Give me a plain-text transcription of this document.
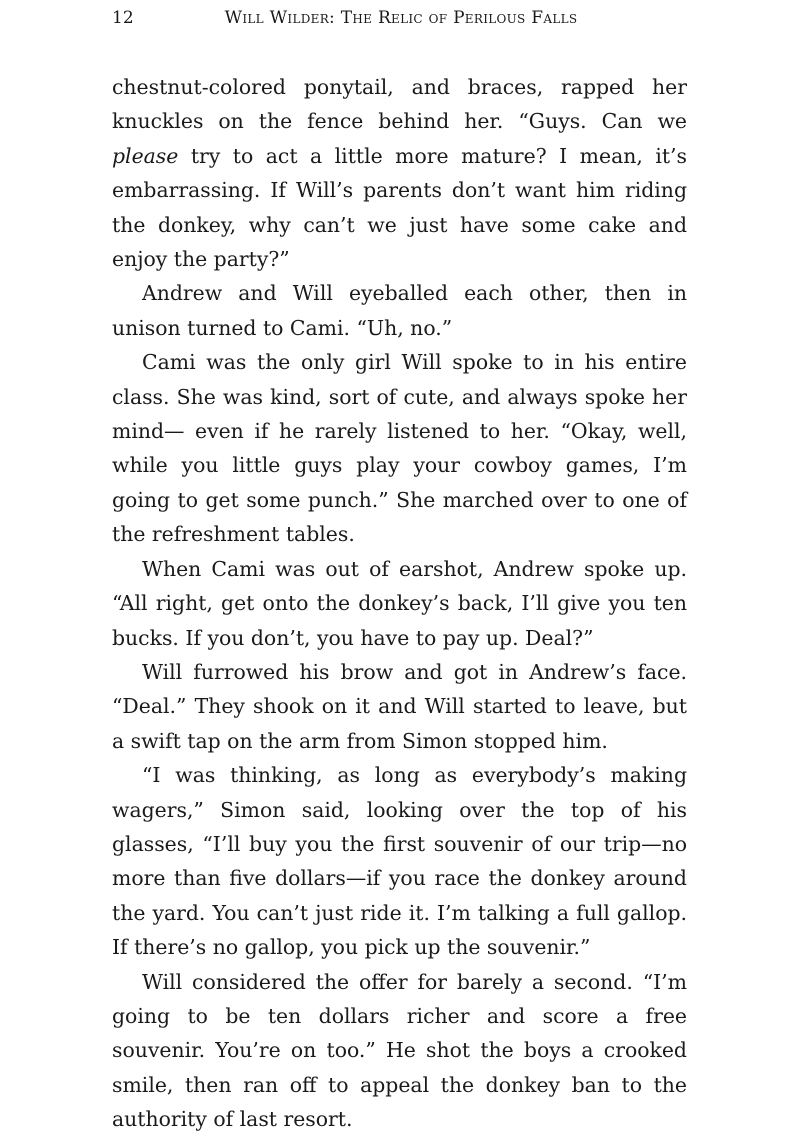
12	Will Wilder: The Relic of Perilous Falls

chestnut-colored ponytail, and braces, rapped her knuckles on the fence behind her. “Guys. Can we please try to act a little more mature? I mean, it’s embarrassing. If Will’s parents don’t want him riding the donkey, why can’t we just have some cake and enjoy the party?”

Andrew and Will eyeballed each other, then in unison turned to Cami. “Uh, no.”

Cami was the only girl Will spoke to in his entire class. She was kind, sort of cute, and always spoke her mind— even if he rarely listened to her. “Okay, well, while you little guys play your cowboy games, I’m going to get some punch.” She marched over to one of the refreshment tables.

When Cami was out of earshot, Andrew spoke up. “All right, get onto the donkey’s back, I’ll give you ten bucks. If you don’t, you have to pay up. Deal?”

Will furrowed his brow and got in Andrew’s face. “Deal.” They shook on it and Will started to leave, but a swift tap on the arm from Simon stopped him.

“I was thinking, as long as everybody’s making wagers,” Simon said, looking over the top of his glasses, “I’ll buy you the first souvenir of our trip—no more than five dollars—if you race the donkey around the yard. You can’t just ride it. I’m talking a full gallop. If there’s no gallop, you pick up the souvenir.”

Will considered the offer for barely a second. “I’m going to be ten dollars richer and score a free souvenir. You’re on too.” He shot the boys a crooked smile, then ran off to appeal the donkey ban to the authority of last resort.
